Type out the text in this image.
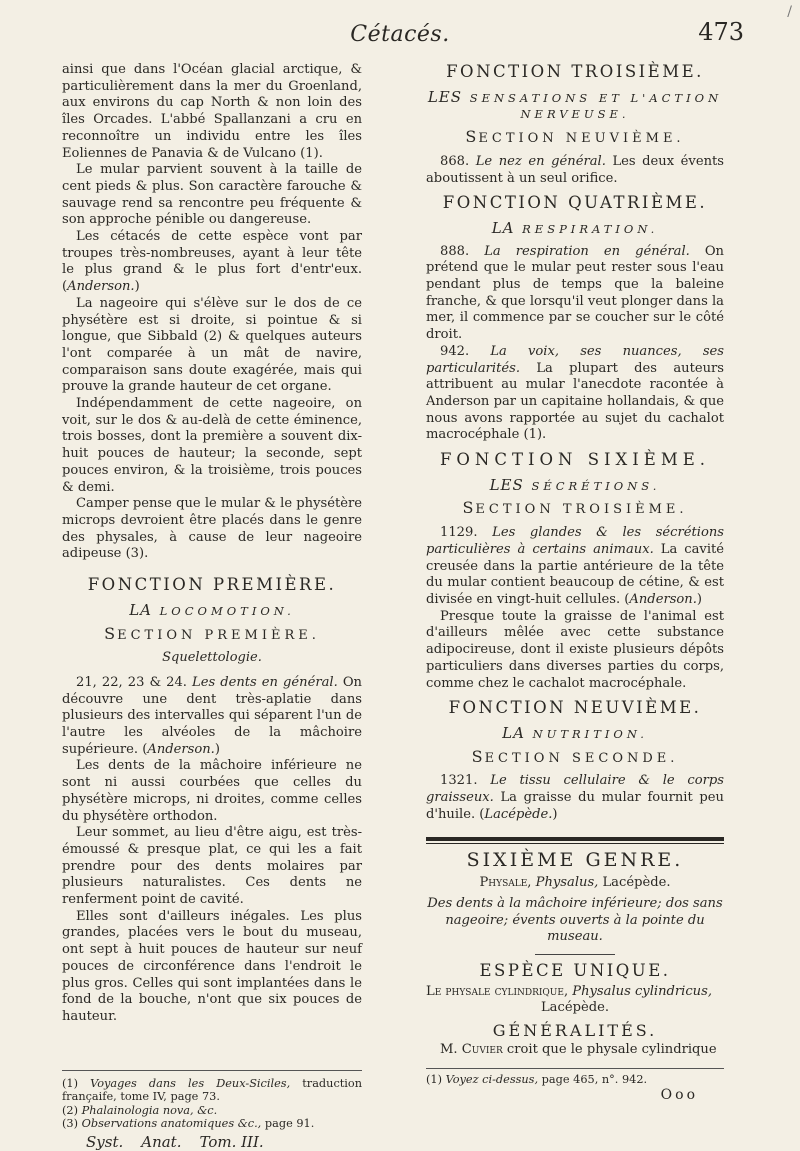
/
Cétacés.	473

ainsi que dans l'Océan glacial arctique, & particulièrement dans la mer du Groenland, aux environs du cap North & non loin des îles Orcades. L'abbé Spallanzani a cru en reconnoître un individu entre les îles Eoliennes de Panavia & de Vulcano (1).

Le mular parvient souvent à la taille de cent pieds & plus. Son caractère farouche & sauvage rend sa rencontre peu fréquente & son approche pénible ou dangereuse.

Les cétacés de cette espèce vont par troupes très-nombreuses, ayant à leur tête le plus grand & le plus fort d'entr'eux. (Anderson.)

La nageoire qui s'élève sur le dos de ce physétère est si droite, si pointue & si longue, que Sibbald (2) & quelques auteurs l'ont comparée à un mât de navire, comparaison sans doute exagérée, mais qui prouve la grande hauteur de cet organe.

Indépendamment de cette nageoire, on voit, sur le dos & au-delà de cette éminence, trois bosses, dont la première a souvent dix-huit pouces de hauteur; la seconde, sept pouces environ, & la troisième, trois pouces & demi.

Camper pense que le mular & le physétère microps devroient être placés dans le genre des physales, à cause de leur nageoire adipeuse (3).

FONCTION PREMIÈRE.
LA LOCOMOTION.
SECTION PREMIÈRE.
Squelettologie.

21, 22, 23 & 24. Les dents en général. On découvre une dent très-aplatie dans plusieurs des intervalles qui séparent l'un de l'autre les alvéoles de la mâchoire supérieure. (Anderson.)

Les dents de la mâchoire inférieure ne sont ni aussi courbées que celles du physétère microps, ni droites, comme celles du physétère orthodon.

Leur sommet, au lieu d'être aigu, est très-émoussé & presque plat, ce qui les a fait prendre pour des dents molaires par plusieurs naturalistes. Ces dents ne renferment point de cavité.

Elles sont d'ailleurs inégales. Les plus grandes, placées vers le bout du museau, ont sept à huit pouces de hauteur sur neuf pouces de circonférence dans l'endroit le plus gros. Celles qui sont implantées dans le fond de la bouche, n'ont que six pouces de hauteur.

(1) Voyages dans les Deux-Siciles, traduction françaife, tome IV, page 73.

(2) Phalainologia nova, &c.

(3) Observations anatomiques &c., page 91.

Syst. Anat. Tom. III.
FONCTION TROISIÈME.
LES SENSATIONS ET L'ACTION NERVEUSE.
SECTION NEUVIÈME.

868. Le nez en général. Les deux évents aboutissent à un seul orifice.

FONCTION QUATRIÈME.
LA RESPIRATION.

888. La respiration en général. On prétend que le mular peut rester sous l'eau pendant plus de temps que la baleine franche, & que lorsqu'il veut plonger dans la mer, il commence par se coucher sur le côté droit.

942. La voix, ses nuances, ses particularités. La plupart des auteurs attribuent au mular l'anecdote racontée à Anderson par un capitaine hollandais, & que nous avons rapportée au sujet du cachalot macrocéphale (1).

FONCTION SIXIÈME.
LES SÉCRÉTIONS.
SECTION TROISIÈME.

1129. Les glandes & les sécrétions particulières à certains animaux. La cavité creusée dans la partie antérieure de la tête du mular contient beaucoup de cétine, & est divisée en vingt-huit cellules. (Anderson.)

Presque toute la graisse de l'animal est d'ailleurs mêlée avec cette substance adipocireuse, dont il existe plusieurs dépôts particuliers dans diverses parties du corps, comme chez le cachalot macrocéphale.

FONCTION NEUVIÈME.
LA NUTRITION.
SECTION SECONDE.

1321. Le tissu cellulaire & le corps graisseux. La graisse du mular fournit peu d'huile. (Lacépède.)

SIXIÈME GENRE.

Physale, Physalus, Lacépède.

Des dents à la mâchoire inférieure; dos sans nageoire; évents ouverts à la pointe du museau.

ESPÈCE UNIQUE.

Le physale cylindrique, Physalus cylindricus,

Lacépède.

GÉNÉRALITÉS.

M. Cuvier croit que le physale cylindrique

(1) Voyez ci-dessus, page 465, n°. 942.

Ooo
